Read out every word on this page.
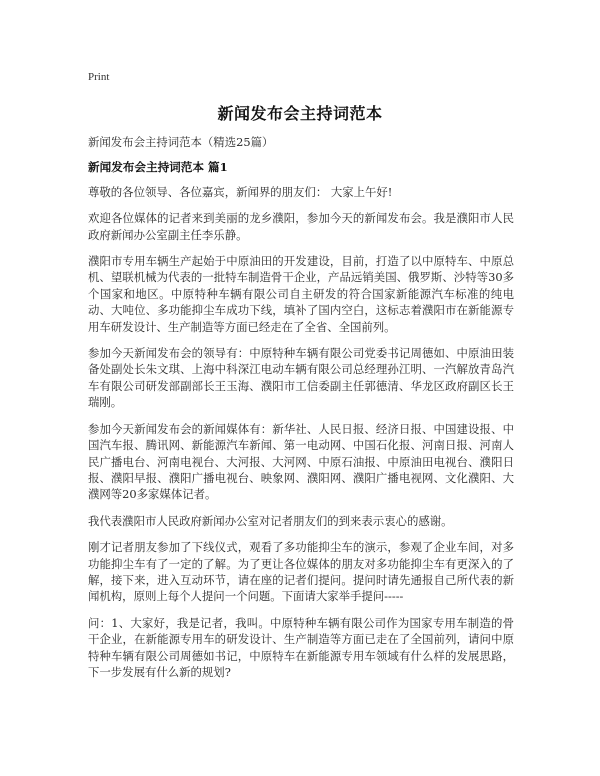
Print
新闻发布会主持词范本

新闻发布会主持词范本（精选25篇）

新闻发布会主持词范本 篇1

尊敬的各位领导、各位嘉宾，新闻界的朋友们： 大家上午好!

欢迎各位媒体的记者来到美丽的龙乡濮阳，参加今天的新闻发布会。我是濮阳市人民政府新闻办公室副主任李乐静。

濮阳市专用车辆生产起始于中原油田的开发建设，目前，打造了以中原特车、中原总机、望联机械为代表的一批特车制造骨干企业，产品远销美国、俄罗斯、沙特等30多个国家和地区。中原特种车辆有限公司自主研发的符合国家新能源汽车标准的纯电动、大吨位、多功能抑尘车成功下线，填补了国内空白，这标志着濮阳市在新能源专用车研发设计、生产制造等方面已经走在了全省、全国前列。

参加今天新闻发布会的领导有：中原特种车辆有限公司党委书记周德如、中原油田装备处副处长朱文琪、上海中科深江电动车辆有限公司总经理孙江明、一汽解放青岛汽车有限公司研发部副部长王玉海、濮阳市工信委副主任郭德清、华龙区政府副区长王瑞刚。

参加今天新闻发布会的新闻媒体有：新华社、人民日报、经济日报、中国建设报、中国汽车报、腾讯网、新能源汽车新闻、第一电动网、中国石化报、河南日报、河南人民广播电台、河南电视台、大河报、大河网、中原石油报、中原油田电视台、濮阳日报、濮阳早报、濮阳广播电视台、映象网、濮阳网、濮阳广播电视网、文化濮阳、大濮网等20多家媒体记者。

我代表濮阳市人民政府新闻办公室对记者朋友们的到来表示衷心的感谢。

刚才记者朋友参加了下线仪式，观看了多功能抑尘车的演示，参观了企业车间，对多功能抑尘车有了一定的了解。为了更让各位媒体的朋友对多功能抑尘车有更深入的了解，接下来，进入互动环节，请在座的记者们提问。提问时请先通报自己所代表的新闻机构，原则上每个人提问一个问题。下面请大家举手提问-----

问：1、大家好，我是记者，我叫。中原特种车辆有限公司作为国家专用车制造的骨干企业，在新能源专用车的研发设计、生产制造等方面已走在了全国前列，请问中原特种车辆有限公司周德如书记，中原特车在新能源专用车领域有什么样的发展思路，下一步发展有什么新的规划?
